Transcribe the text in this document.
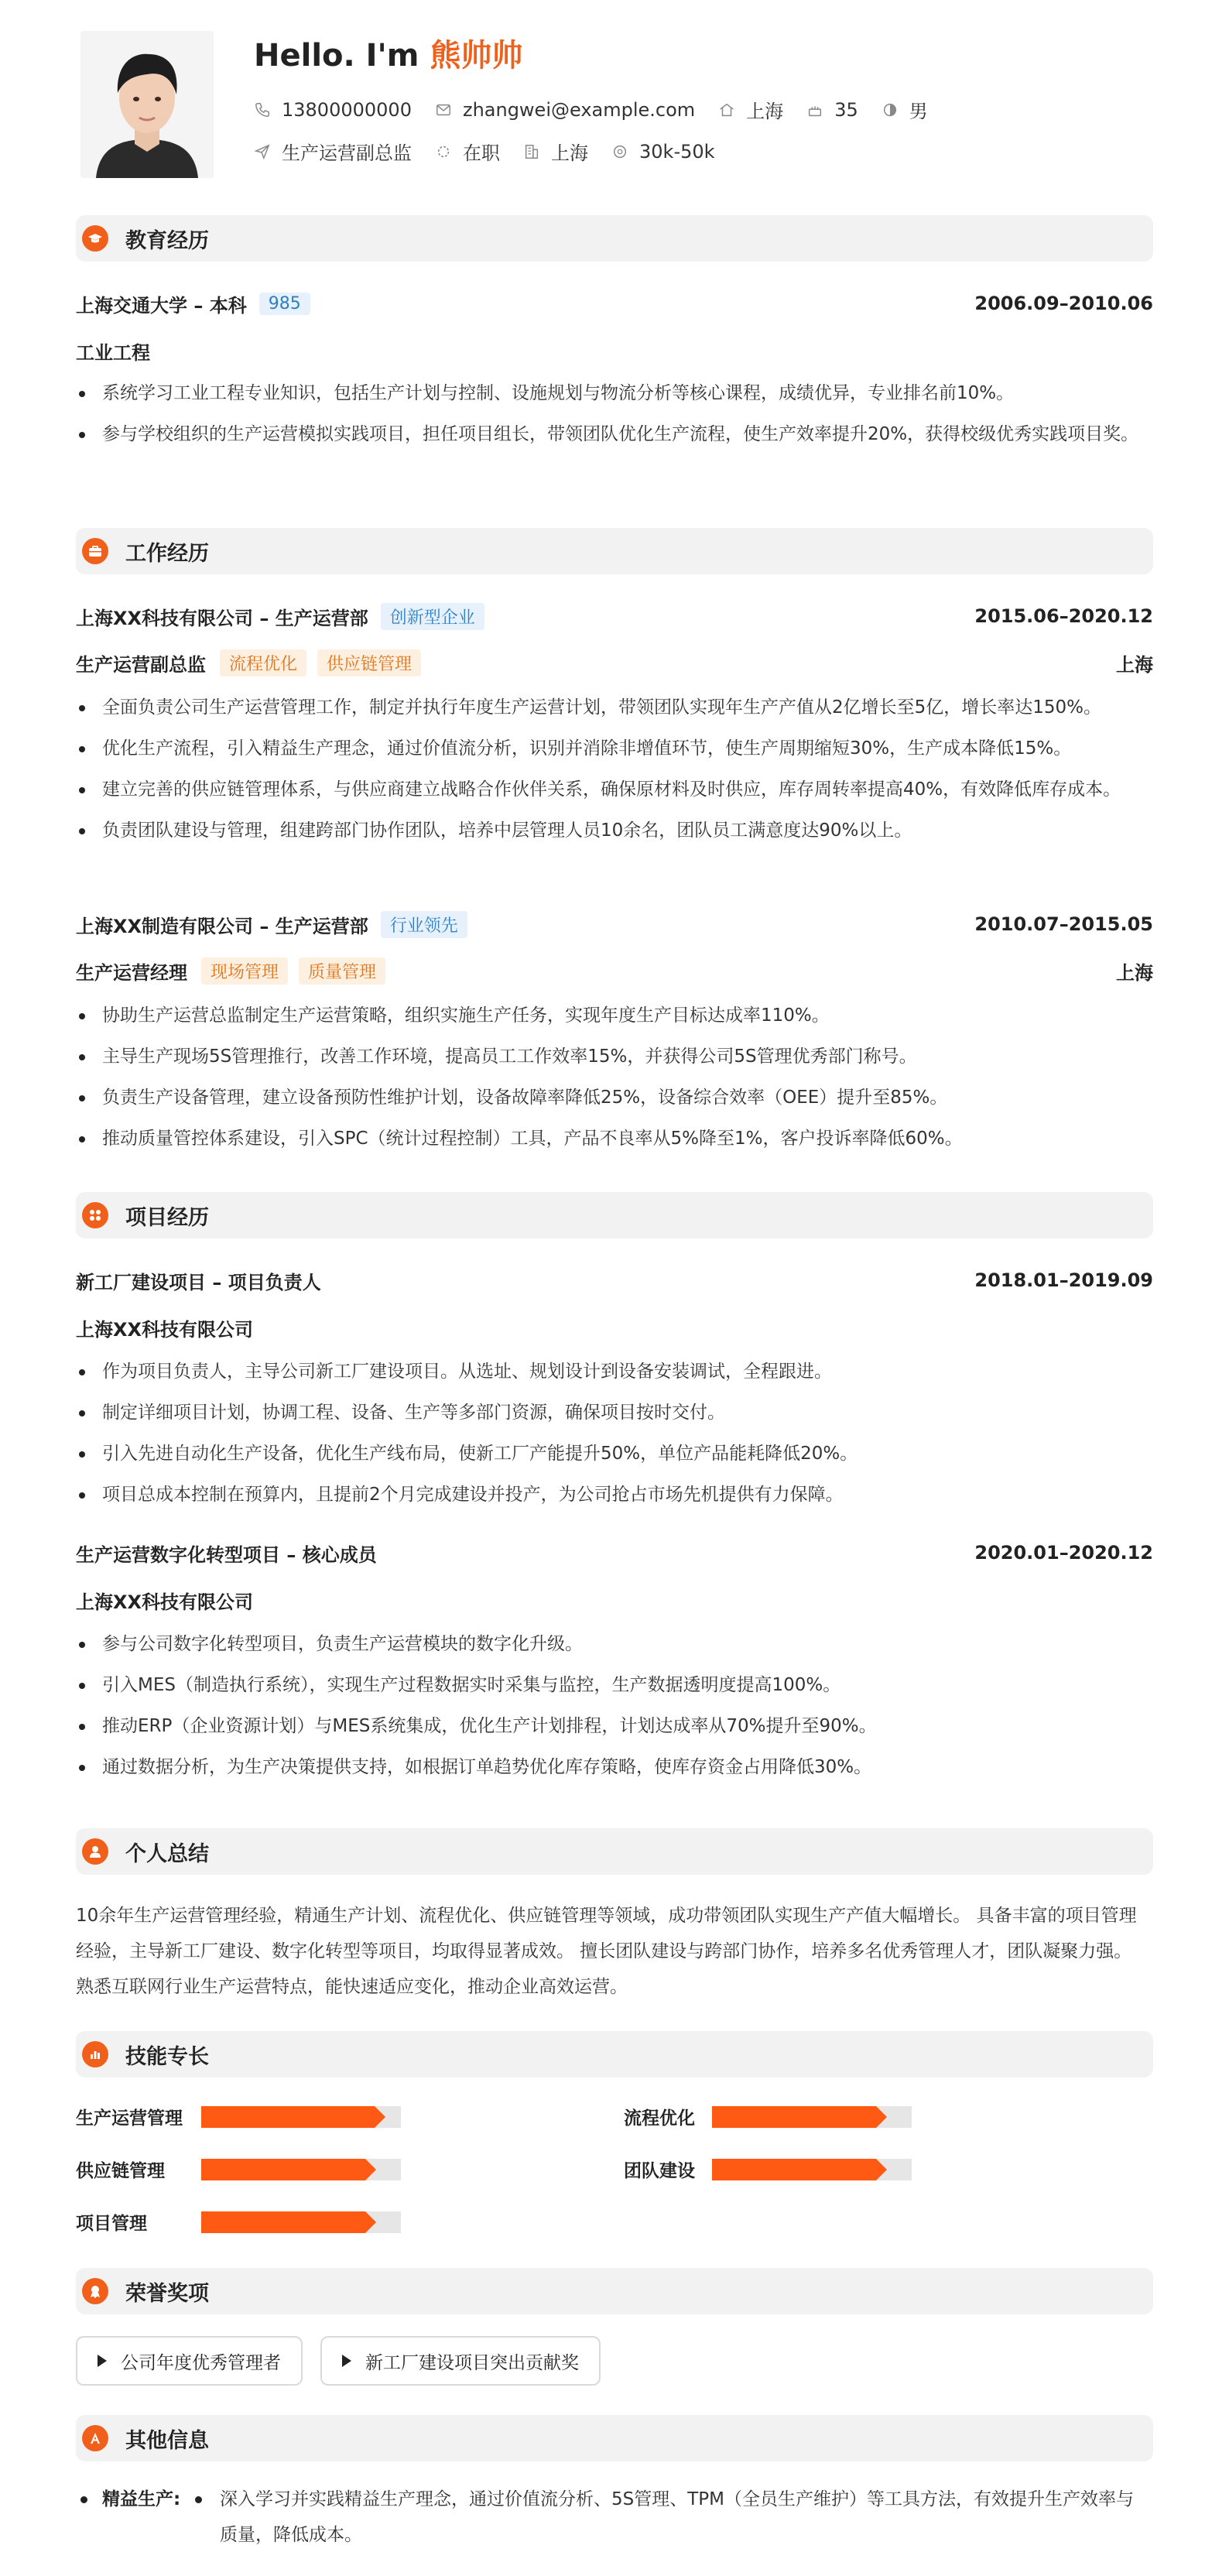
Hello. I'm 熊帅帅
13800000000	zhangwei@example.com	上海	35	男
生产运营副总监	在职	上海	30k-50k
教育经历
上海交通大学 – 本科	985	2006.09–2010.06
工业工程
系统学习工业工程专业知识，包括生产计划与控制、设施规划与物流分析等核心课程，成绩优异，专业排名前10%。
参与学校组织的生产运营模拟实践项目，担任项目组长，带领团队优化生产流程，使生产效率提升20%，获得校级优秀实践项目奖。
工作经历
上海XX科技有限公司 – 生产运营部	创新型企业	2015.06–2020.12
生产运营副总监	流程优化	供应链管理	上海
全面负责公司生产运营管理工作，制定并执行年度生产运营计划，带领团队实现年生产产值从2亿增长至5亿，增长率达150%。
优化生产流程，引入精益生产理念，通过价值流分析，识别并消除非增值环节，使生产周期缩短30%，生产成本降低15%。
建立完善的供应链管理体系，与供应商建立战略合作伙伴关系，确保原材料及时供应，库存周转率提高40%，有效降低库存成本。
负责团队建设与管理，组建跨部门协作团队，培养中层管理人员10余名，团队员工满意度达90%以上。
上海XX制造有限公司 – 生产运营部	行业领先	2010.07–2015.05
生产运营经理	现场管理	质量管理	上海
协助生产运营总监制定生产运营策略，组织实施生产任务，实现年度生产目标达成率110%。
主导生产现场5S管理推行，改善工作环境，提高员工工作效率15%，并获得公司5S管理优秀部门称号。
负责生产设备管理，建立设备预防性维护计划，设备故障率降低25%，设备综合效率（OEE）提升至85%。
推动质量管控体系建设，引入SPC（统计过程控制）工具，产品不良率从5%降至1%，客户投诉率降低60%。
项目经历
新工厂建设项目 – 项目负责人	2018.01–2019.09
上海XX科技有限公司
作为项目负责人，主导公司新工厂建设项目。从选址、规划设计到设备安装调试，全程跟进。
制定详细项目计划，协调工程、设备、生产等多部门资源，确保项目按时交付。
引入先进自动化生产设备，优化生产线布局，使新工厂产能提升50%，单位产品能耗降低20%。
项目总成本控制在预算内，且提前2个月完成建设并投产，为公司抢占市场先机提供有力保障。
生产运营数字化转型项目 – 核心成员	2020.01–2020.12
上海XX科技有限公司
参与公司数字化转型项目，负责生产运营模块的数字化升级。
引入MES（制造执行系统），实现生产过程数据实时采集与监控，生产数据透明度提高100%。
推动ERP（企业资源计划）与MES系统集成，优化生产计划排程，计划达成率从70%提升至90%。
通过数据分析，为生产决策提供支持，如根据订单趋势优化库存策略，使库存资金占用降低30%。
个人总结
10余年生产运营管理经验，精通生产计划、流程优化、供应链管理等领域，成功带领团队实现生产产值大幅增长。 具备丰富的项目管理经验，主导新工厂建设、数字化转型等项目，均取得显著成效。 擅长团队建设与跨部门协作，培养多名优秀管理人才，团队凝聚力强。 熟悉互联网行业生产运营特点，能快速适应变化，推动企业高效运营。
技能专长
生产运营管理	流程优化
供应链管理	团队建设
项目管理
荣誉奖项
公司年度优秀管理者	新工厂建设项目突出贡献奖
其他信息
精益生产: 深入学习并实践精益生产理念，通过价值流分析、5S管理、TPM（全员生产维护）等工具方法，有效提升生产效率与质量，降低成本。
